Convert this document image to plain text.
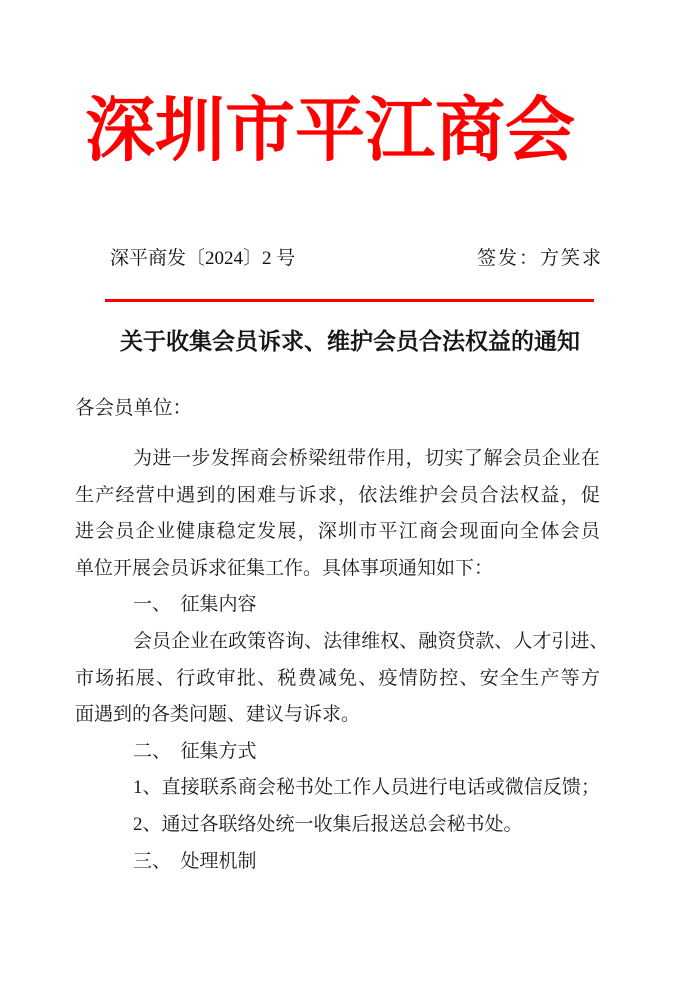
深圳市平江商会
深平商发〔2024〕2 号	签发：方笑求
关于收集会员诉求、维护会员合法权益的通知
各会员单位：
为 进 一 步 发 挥 商 会 桥 梁 纽 带 作 用 ， 切 实 了 解 会 员 企 业 在
生 产 经 营 中 遇 到 的 困 难 与 诉 求 ， 依 法 维 护 会 员 合 法 权 益 ， 促
进 会 员 企 业 健 康 稳 定 发 展 ， 深 圳 市 平 江 商 会 现 面 向 全 体 会 员
单位开展会员诉求征集工作。具体事项通知如下：
一、　征集内容
会 员 企 业 在 政 策 咨 询 、 法 律 维 权 、 融 资 贷 款 、 人 才 引 进 、
市 场 拓 展 、 行 政 审 批 、 税 费 减 免 、 疫 情 防 控 、 安 全 生 产 等 方
面遇到的各类问题、建议与诉求。
二、　征集方式
1 、 直 接 联 系 商 会 秘 书 处 工 作 人 员 进 行 电 话 或 微 信 反 馈 ；
2、通过各联络处统一收集后报送总会秘书处。
三、　处理机制
